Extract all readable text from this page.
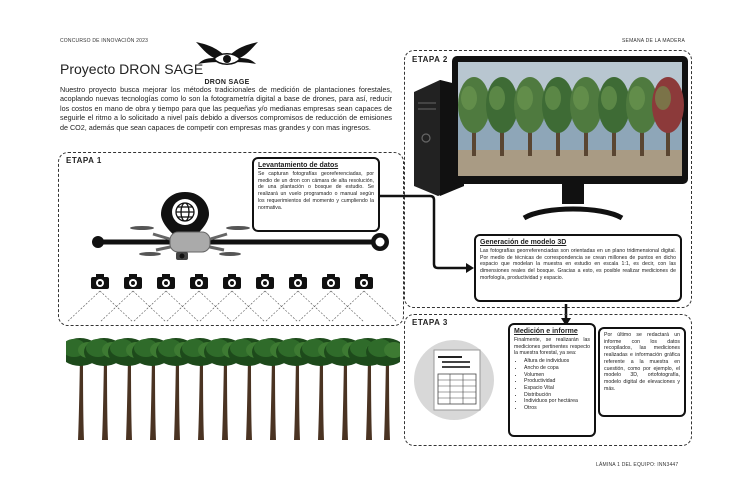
CONCURSO DE INNOVACIÓN 2023	SEMANA DE LA MADERA
Proyecto DRON SAGE
DRON SAGE
Nuestro proyecto busca mejorar los métodos tradicionales de medición de plantaciones forestales, acoplando nuevas tecnologías como lo son la fotogrametría digital a base de drones, para así, reducir los costos en mano de obra y tiempo para que las pequeñas y/o medianas empresas sean capaces de seguirle el ritmo a lo solicitado a nivel país debido a diversos compromisos de reducción de emisiones de CO2, además que sean capaces de competir con empresas mas grandes y con mas ingresos.
ETAPA 1
Levantamiento de datos

Se capturan fotografías georeferenciadas, por medio de un dron con cámara de alta resolución, de una plantación o bosque de estudio. Se realizará un vuelo programado o manual según los requerimientos del momento y cumpliendo la normativa.

ETAPA 2
Generación de modelo 3D

Las fotografías georreferenciadas son orientadas en un plano tridimensional digital. Por medio de técnicas de correspondencia se crean millones de puntos en dicho espacio que modelan la muestra en estudio en escala 1:1, es decir, con las dimensiones reales del bosque. Gracias a esto, es posible realizar mediciones de morfología, productividad y espacio.

ETAPA 3
Medición e informe

Finalmente, se realizarán las mediciones pertinentes respecto la muestra forestal, ya sea:

• Altura de individuos
• Ancho de copa
• Volumen
• Productividad
• Espacio Vital
• Distribución
• Individuos por hectárea
• Otros

Por último se redactará un informe con los datos recopilados, las mediciones realizadas e información gráfica referente a la muestra en cuestión, como por ejemplo, el modelo 3D, ortofotografía, modelo digital de elevaciones y más.

LÁMINA 1 DEL EQUIPO: INN3447
